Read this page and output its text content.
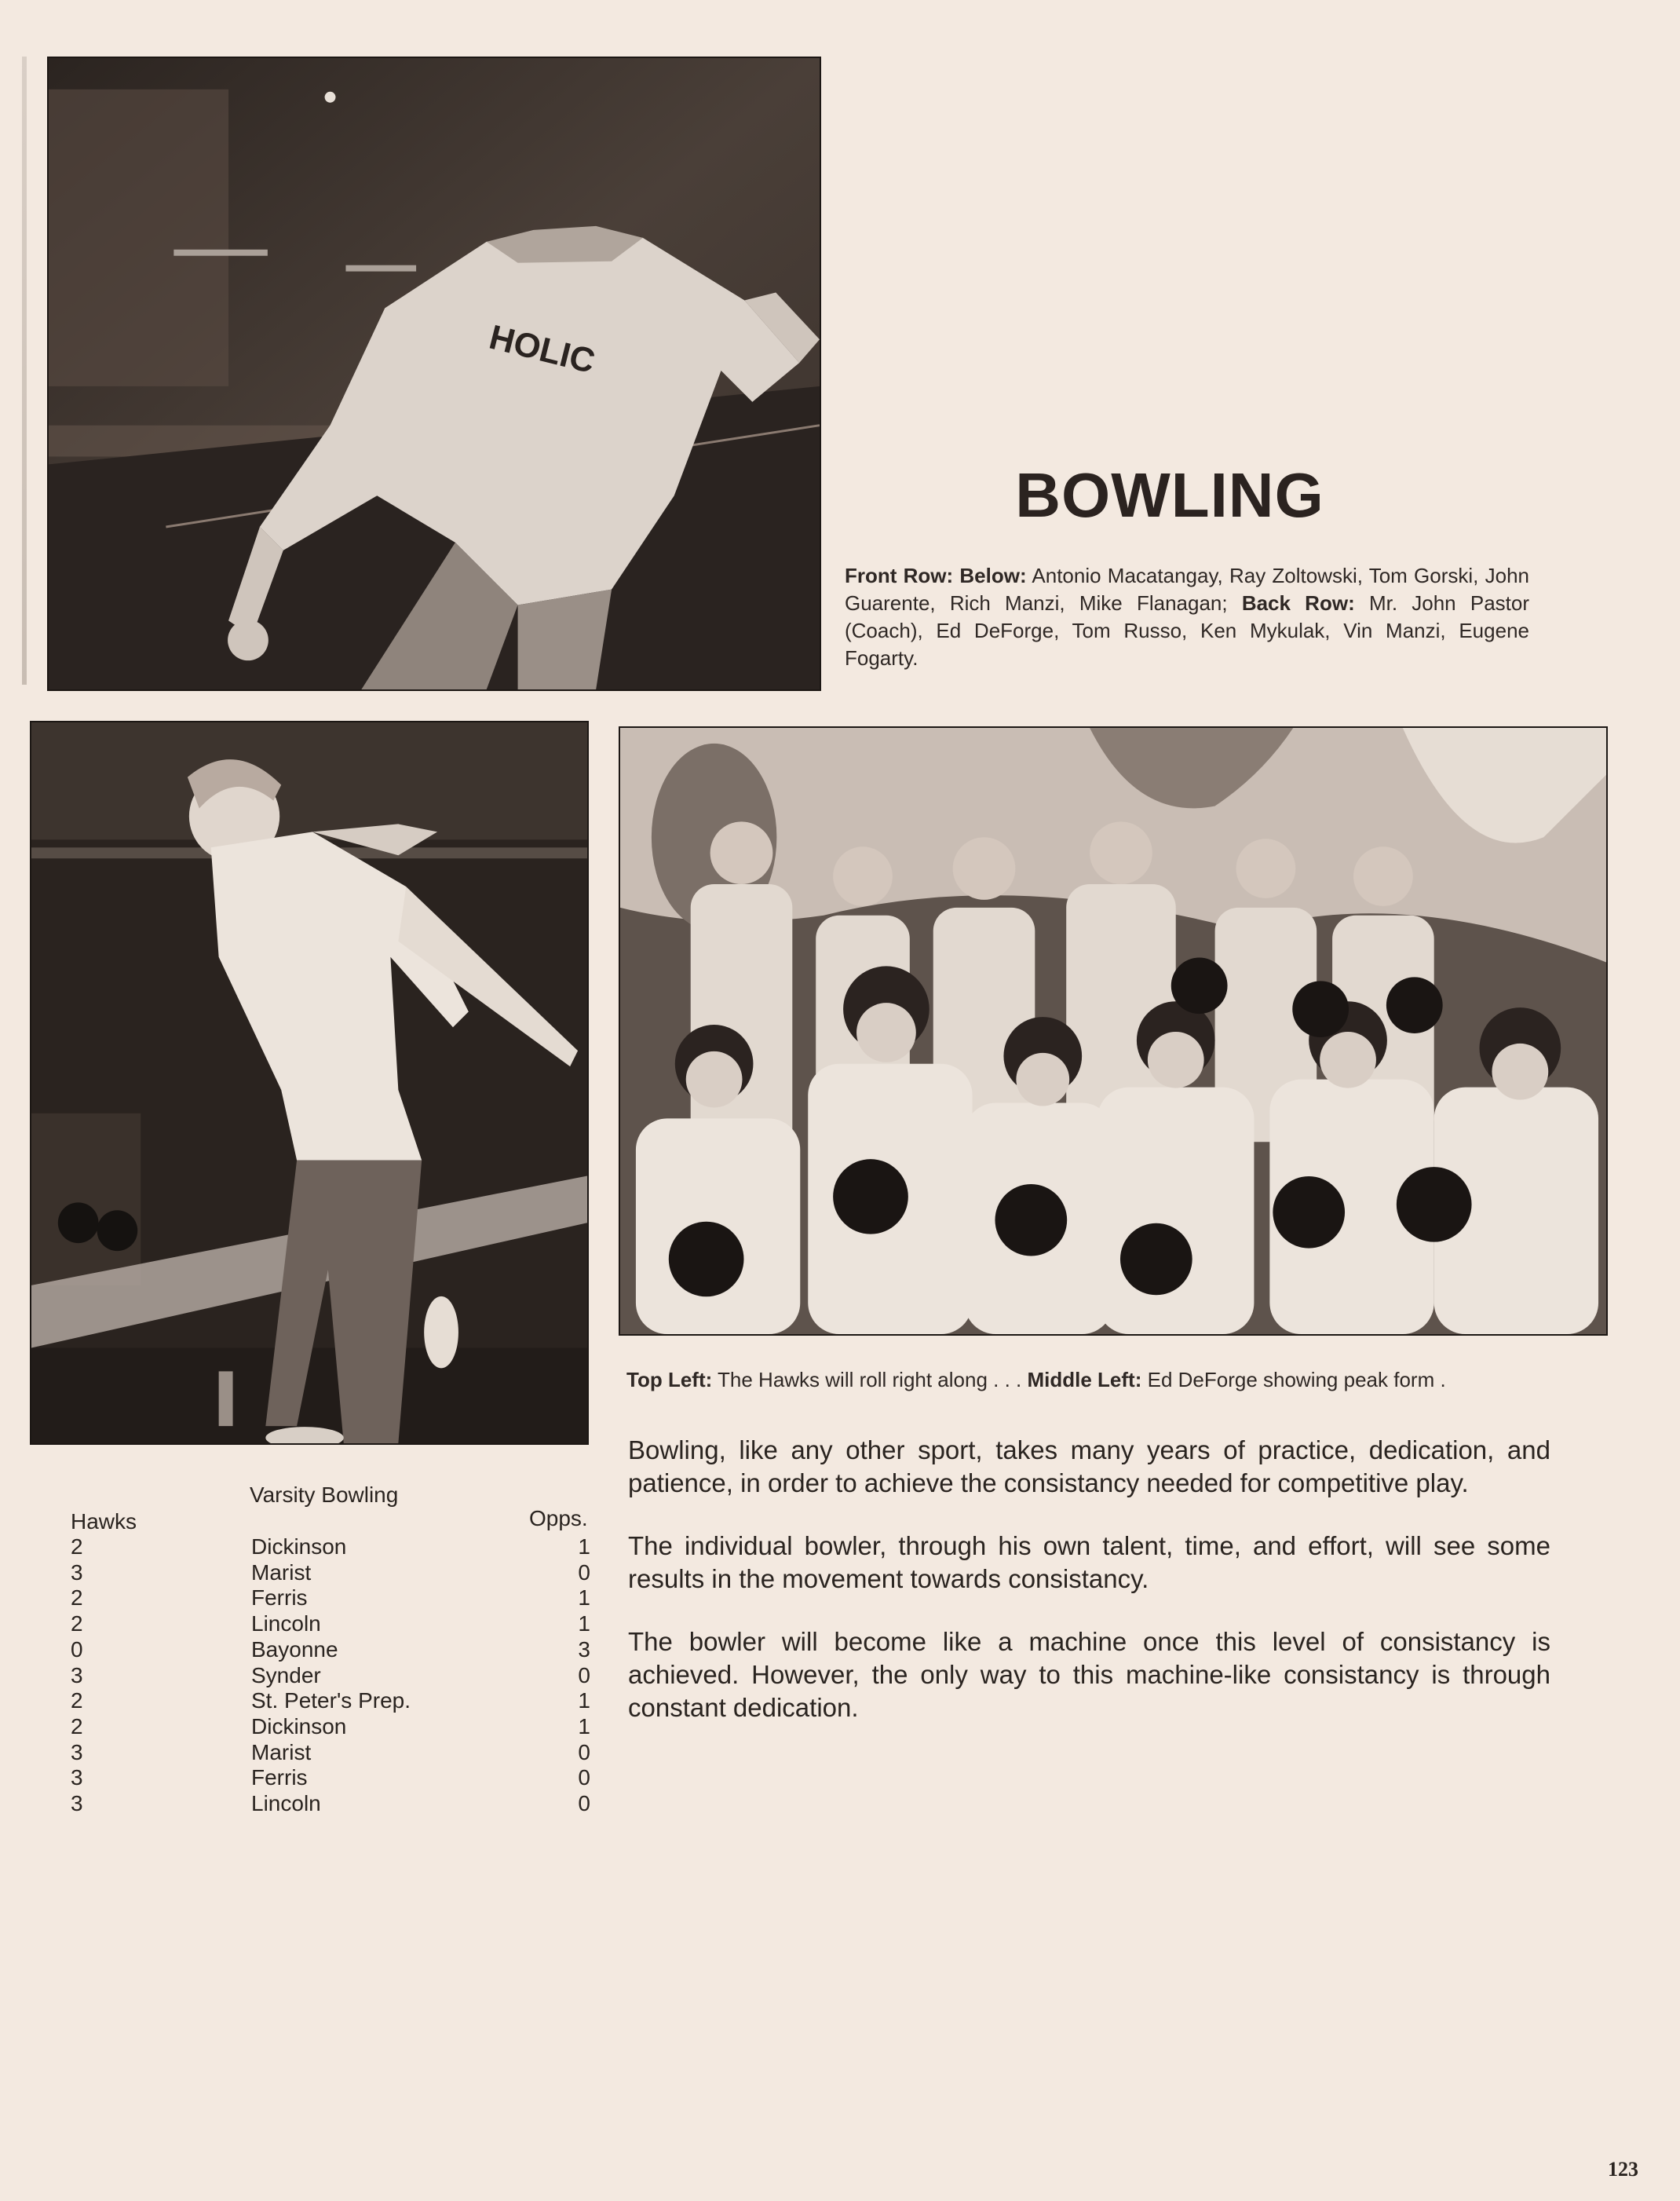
HOLIC
BOWLING
Front Row: Below: Antonio Macatangay, Ray Zoltowski, Tom Gorski, John Guarente, Rich Manzi, Mike Flanagan; Back Row: Mr. John Pastor (Coach), Ed DeForge, Tom Russo, Ken Mykulak, Vin Manzi, Eugene Fogarty.
Top Left: The Hawks will roll right along . . . Middle Left: Ed DeForge showing peak form .

Bowling, like any other sport, takes many years of practice, dedication, and patience, in order to achieve the consistancy needed for competitive play.

The individual bowler, through his own talent, time, and effort, will see some results in the movement towards consistancy.

The bowler will become like a machine once this level of consistancy is achieved. However, the only way to this machine-like consistancy is through constant dedication.

Varsity Bowling
Hawks	Opps.
2	Dickinson	1
3	Marist	0
2	Ferris	1
2	Lincoln	1
0	Bayonne	3
3	Synder	0
2	St. Peter's Prep.	1
2	Dickinson	1
3	Marist	0
3	Ferris	0
3	Lincoln	0
123
